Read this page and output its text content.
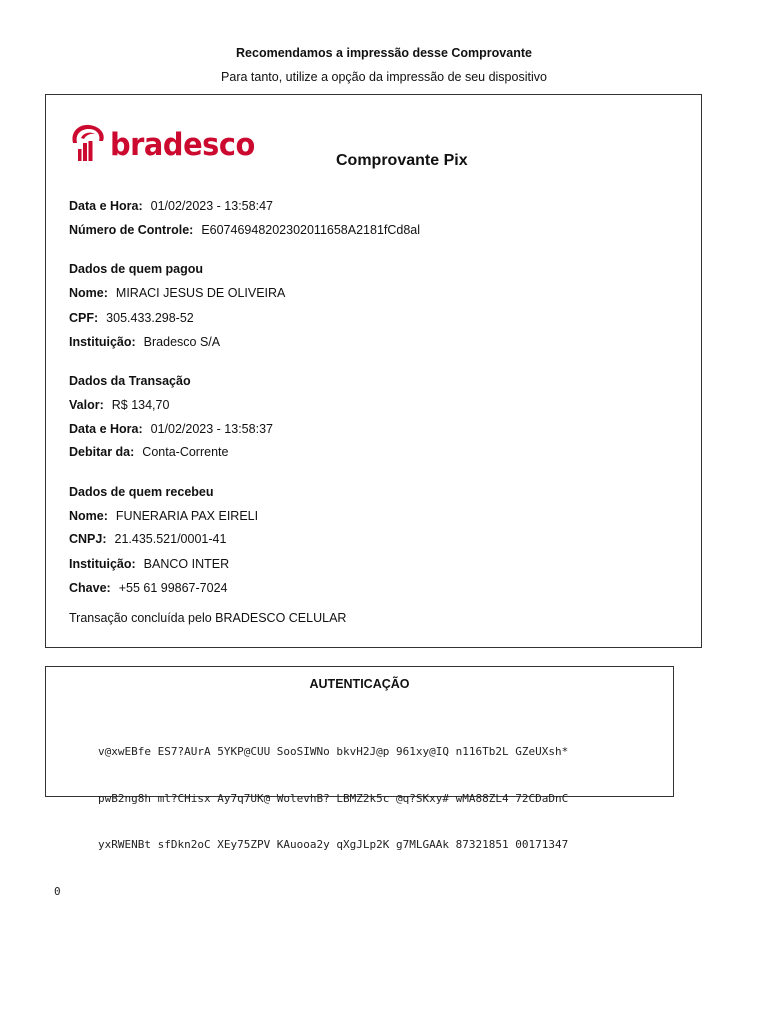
Recomendamos a impressão desse Comprovante
Para tanto, utilize a opção da impressão de seu dispositivo
bradesco	Comprovante Pix
Data e Hora: 01/02/2023 - 13:58:47
Número de Controle: E60746948202302011658A2181fCd8al
Dados de quem pagou
Nome: MIRACI JESUS DE OLIVEIRA
CPF: 305.433.298-52
Instituição: Bradesco S/A
Dados da Transação
Valor: R$ 134,70
Data e Hora: 01/02/2023 - 13:58:37
Debitar da: Conta-Corrente
Dados de quem recebeu
Nome: FUNERARIA PAX EIRELI
CNPJ: 21.435.521/0001-41
Instituição: BANCO INTER
Chave: +55 61 99867-7024
Transação concluída pelo BRADESCO CELULAR
AUTENTICAÇÃO

v@xwEBfe ES7?AUrA 5YKP@CUU SooSIWNo bkvH2J@p 961xy@IQ n116Tb2L GZeUXsh*

pwB2ng8h ml?CHisx Ay7q7UK@ WolevhB? LBMZ2k5c @q?SKxy# wMA88ZL4 72CDaDnC

yxRWENBt sfDkn2oC XEy75ZPV KAuooa2y qXgJLp2K g7MLGAAk 87321851 00171347

0
